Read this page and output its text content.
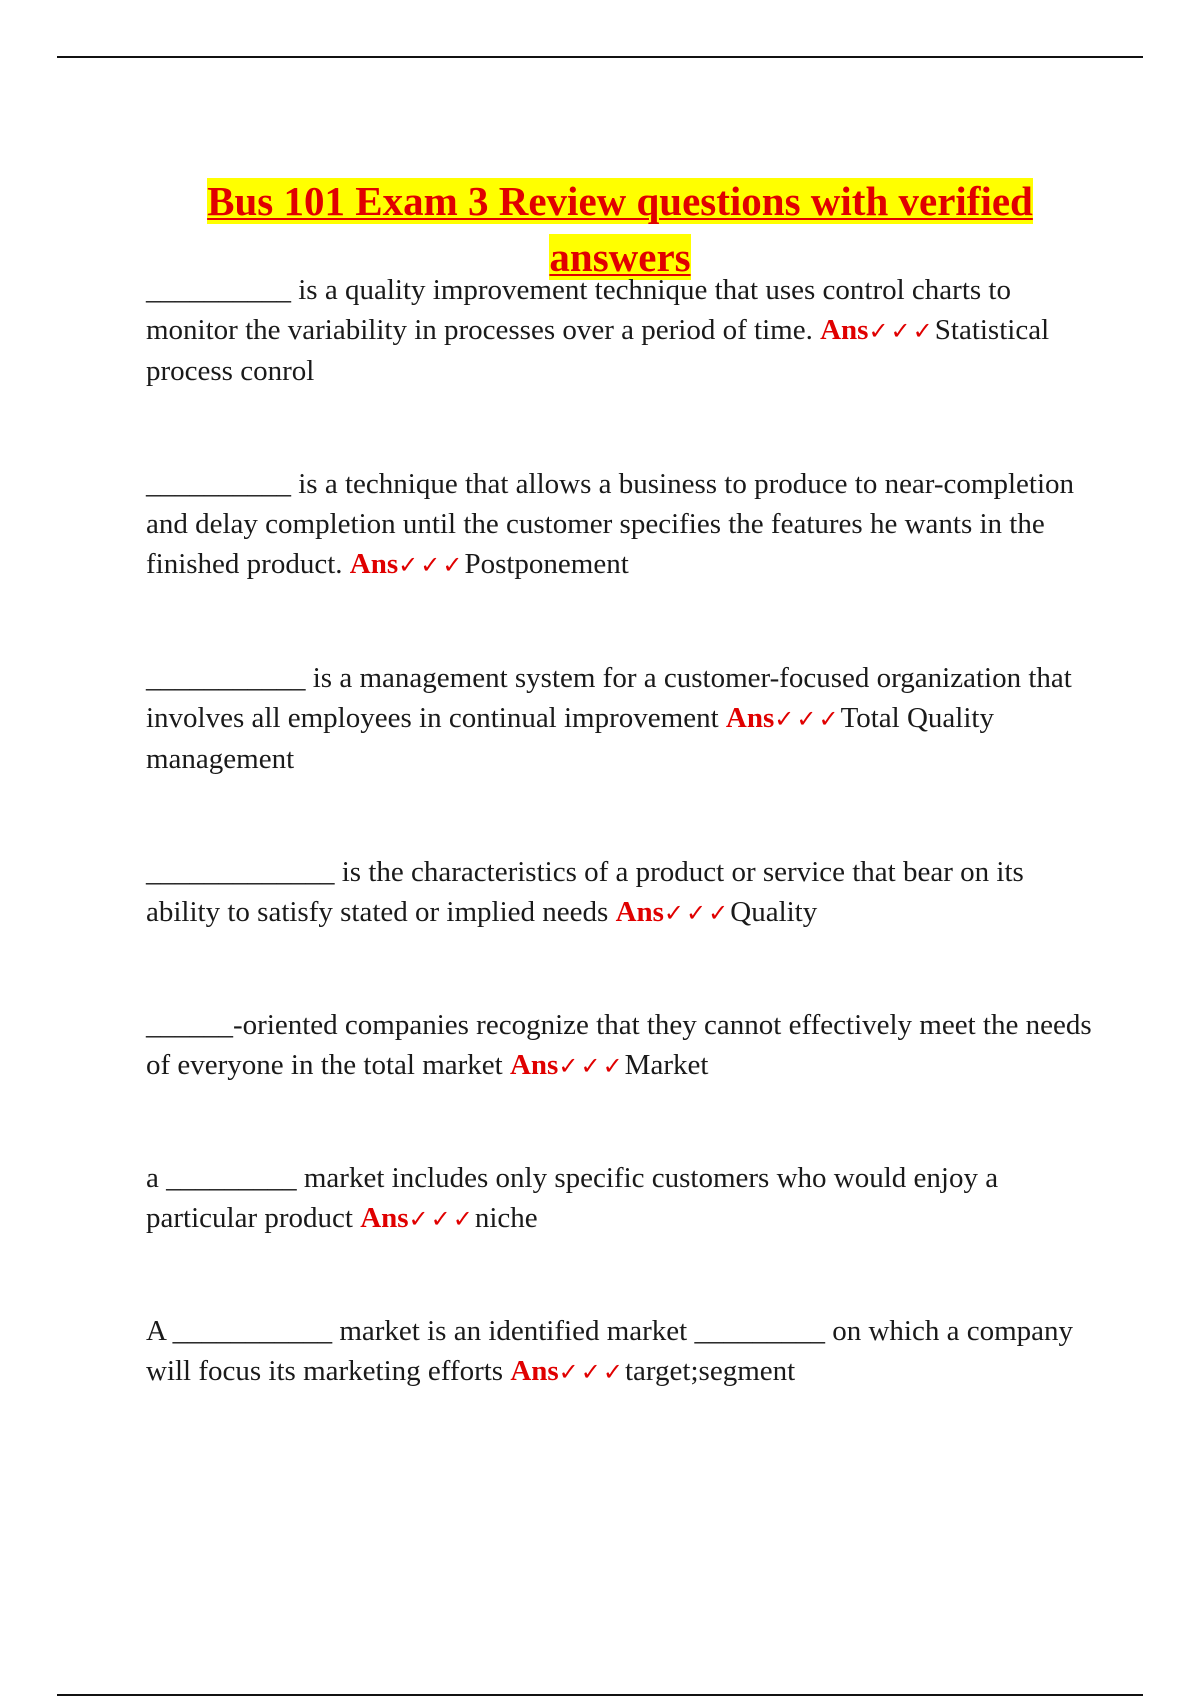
Bus 101 Exam 3 Review questions with verified answers

__________ is a quality improvement technique that uses control charts to monitor the variability in processes over a period of time. Ans✓✓✓Statistical process conrol

__________ is a technique that allows a business to produce to near-completion and delay completion until the customer specifies the features he wants in the finished product. Ans✓✓✓Postponement

___________ is a management system for a customer-focused organization that involves all employees in continual improvement Ans✓✓✓Total Quality management

_____________ is the characteristics of a product or service that bear on its ability to satisfy stated or implied needs Ans✓✓✓Quality

______-oriented companies recognize that they cannot effectively meet the needs of everyone in the total market Ans✓✓✓Market

a _________ market includes only specific customers who would enjoy a particular product Ans✓✓✓niche

A ___________ market is an identified market _________ on which a company will focus its marketing efforts Ans✓✓✓target;segment
